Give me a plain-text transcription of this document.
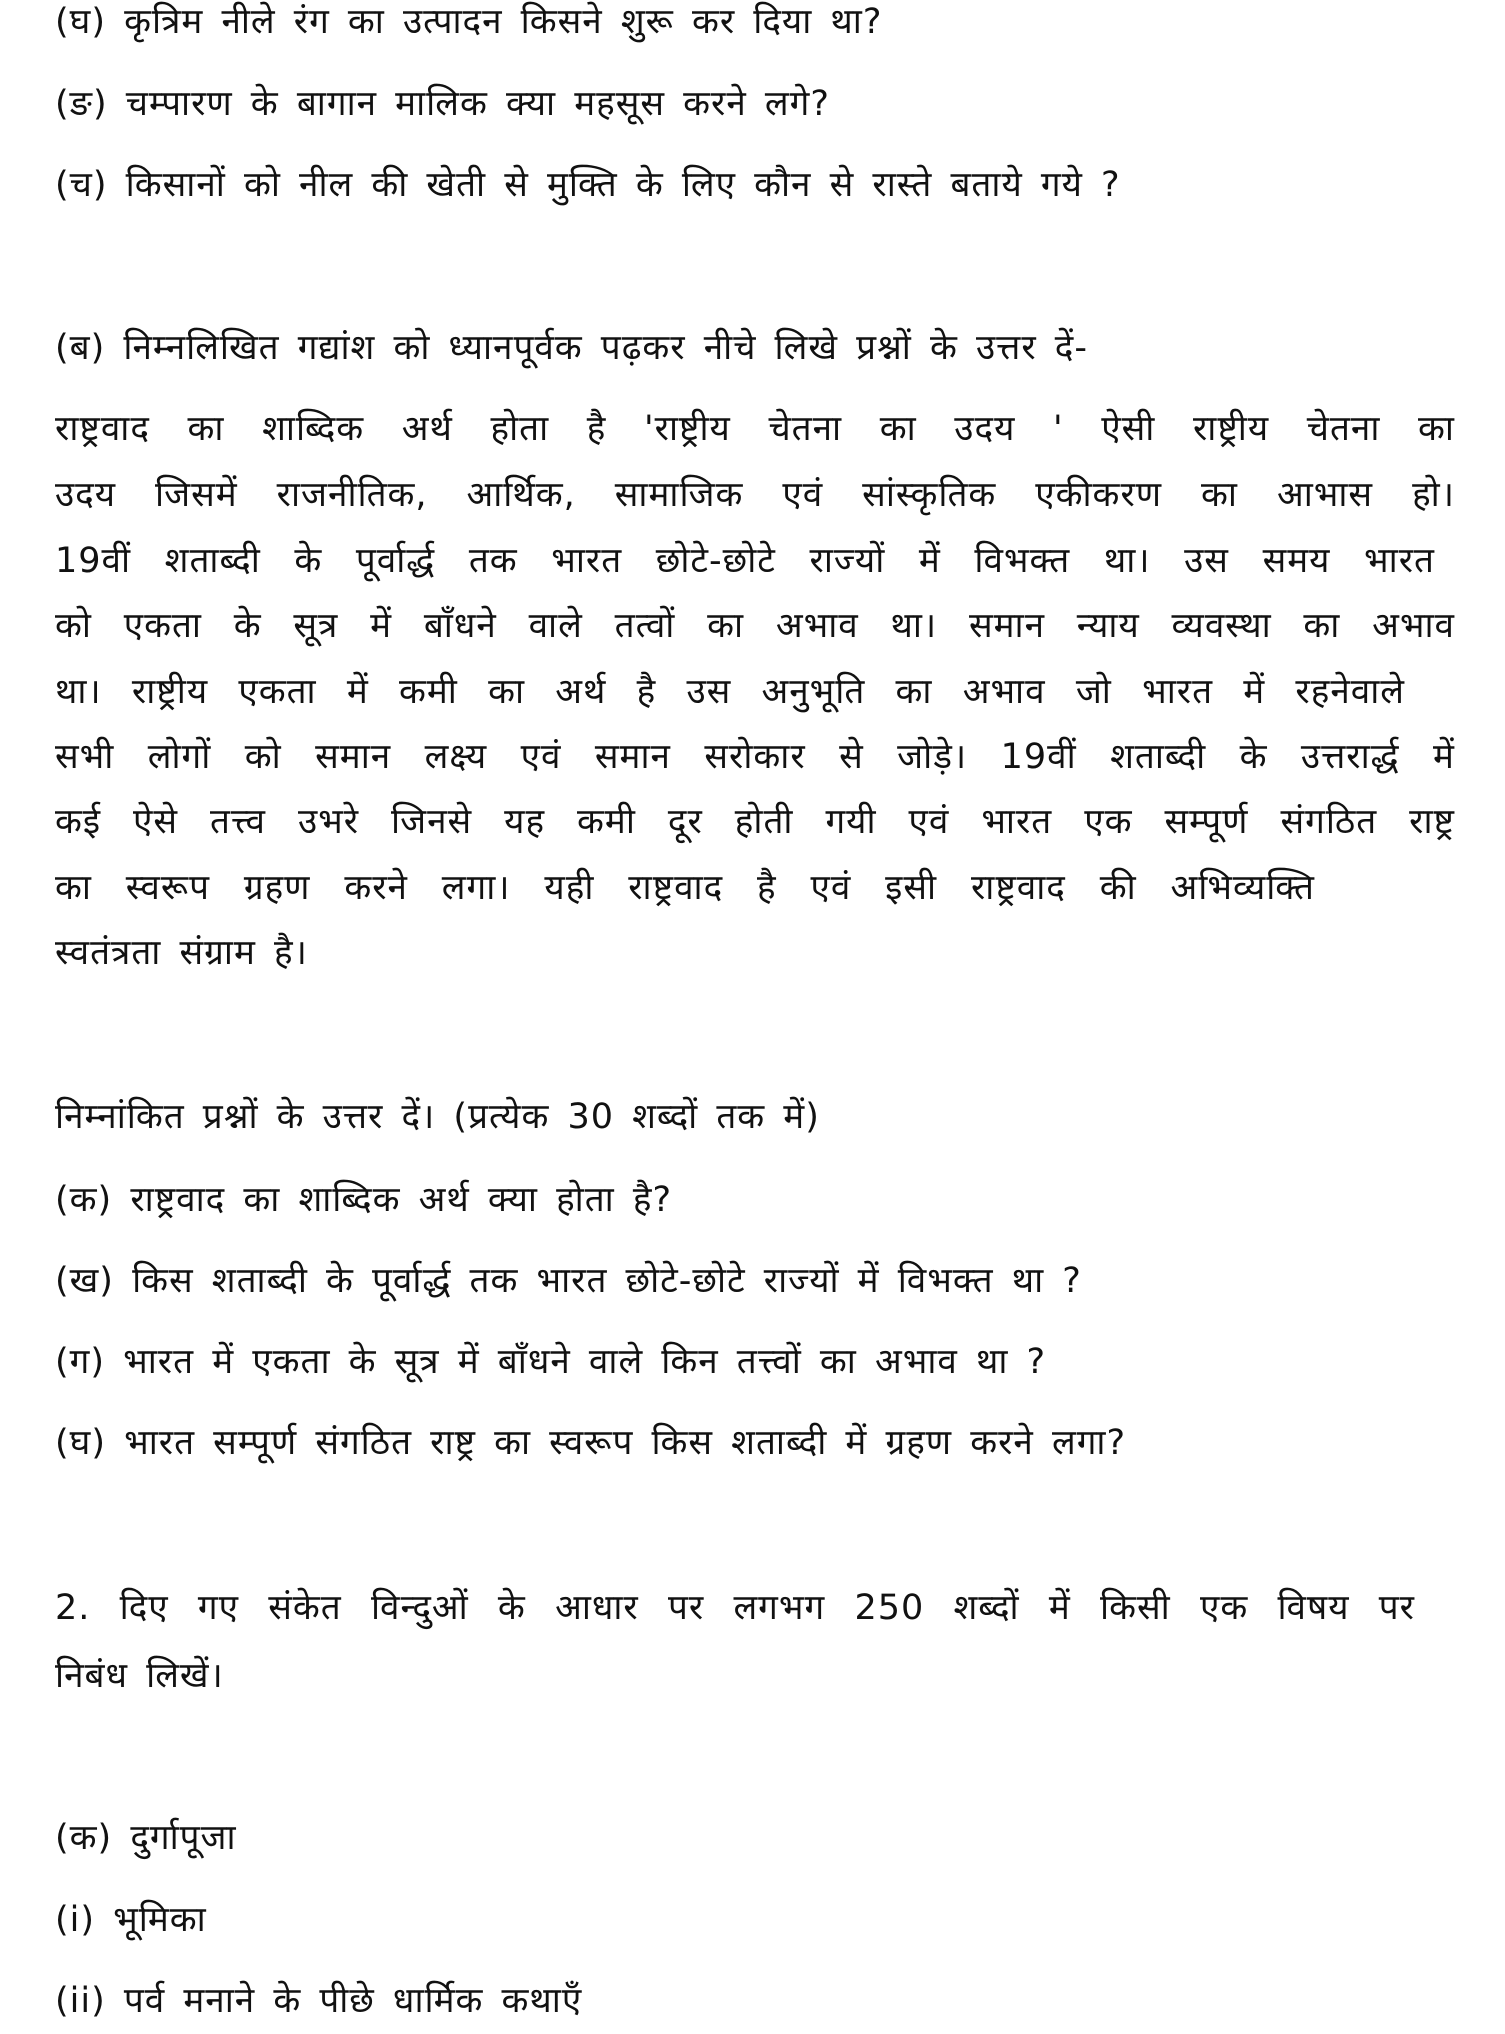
(घ) कृत्रिम नीले रंग का उत्पादन किसने शुरू कर दिया था?
(ङ) चम्पारण के बागान मालिक क्या महसूस करने लगे?
(च) किसानों को नील की खेती से मुक्ति के लिए कौन से रास्ते बताये गये ?
(ब) निम्नलिखित गद्यांश को ध्यानपूर्वक पढ़कर नीचे लिखे प्रश्नों के उत्तर दें-
राष्ट्रवाद का शाब्दिक अर्थ होता है 'राष्ट्रीय चेतना का उदय ' ऐसी राष्ट्रीय चेतना का
उदय जिसमें राजनीतिक, आर्थिक, सामाजिक एवं सांस्कृतिक एकीकरण का आभास हो।
19वीं शताब्दी के पूर्वार्द्ध तक भारत छोटे-छोटे राज्यों में विभक्त था। उस समय भारत
को एकता के सूत्र में बाँधने वाले तत्वों का अभाव था। समान न्याय व्यवस्था का अभाव
था। राष्ट्रीय एकता में कमी का अर्थ है उस अनुभूति का अभाव जो भारत में रहनेवाले
सभी लोगों को समान लक्ष्य एवं समान सरोकार से जोड़े। 19वीं शताब्दी के उत्तरार्द्ध में
कई ऐसे तत्त्व उभरे जिनसे यह कमी दूर होती गयी एवं भारत एक सम्पूर्ण संगठित राष्ट्र
का स्वरूप ग्रहण करने लगा। यही राष्ट्रवाद है एवं इसी राष्ट्रवाद की अभिव्यक्ति
स्वतंत्रता संग्राम है।
निम्नांकित प्रश्नों के उत्तर दें। (प्रत्येक 30 शब्दों तक में)
(क) राष्ट्रवाद का शाब्दिक अर्थ क्या होता है?
(ख) किस शताब्दी के पूर्वार्द्ध तक भारत छोटे-छोटे राज्यों में विभक्त था ?
(ग) भारत में एकता के सूत्र में बाँधने वाले किन तत्त्वों का अभाव था ?
(घ) भारत सम्पूर्ण संगठित राष्ट्र का स्वरूप किस शताब्दी में ग्रहण करने लगा?
2. दिए गए संकेत विन्दुओं के आधार पर लगभग 250 शब्दों में किसी एक विषय पर
निबंध लिखें।
(क) दुर्गापूजा
(i) भूमिका
(ii) पर्व मनाने के पीछे धार्मिक कथाएँ
